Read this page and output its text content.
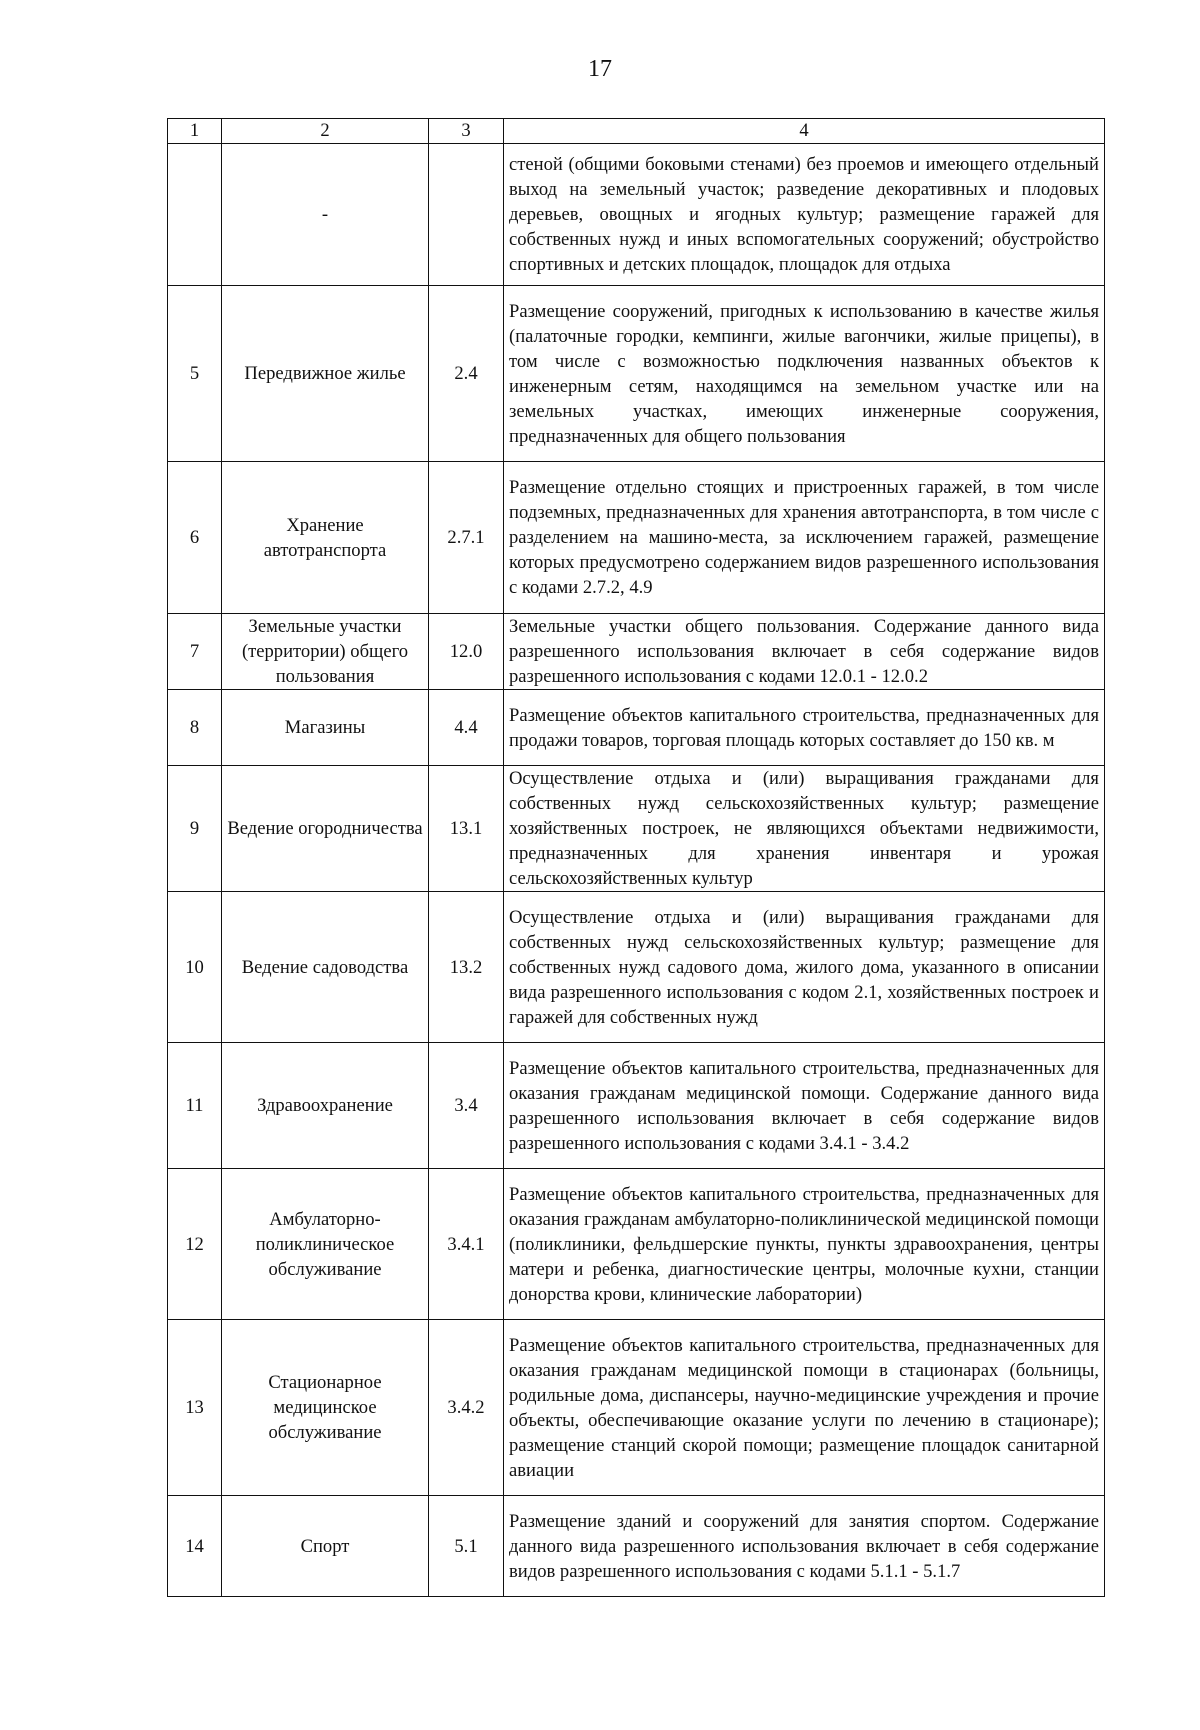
17
1	2	3	4
	-		стеной (общими боковыми стенами) без проемов и имеющего отдельный выход на земельный участок; разведение декоративных и плодовых деревьев, овощных и ягодных культур; размещение гаражей для собственных нужд и иных вспомогательных сооружений; обустройство спортивных и детских площадок, площадок для отдыха
5	Передвижное жилье	2.4	Размещение сооружений, пригодных к использованию в качестве жилья (палаточные городки, кемпинги, жилые вагончики, жилые прицепы), в том числе с возможностью подключения названных объектов к инженерным сетям, находящимся на земельном участке или на земельных участках, имеющих инженерные сооружения, предназначенных для общего пользования
6	Хранение автотранспорта	2.7.1	Размещение отдельно стоящих и пристроенных гаражей, в том числе подземных, предназначенных для хранения автотранспорта, в том числе с разделением на машино-места, за исключением гаражей, размещение которых предусмотрено содержанием видов разрешенного использования с кодами 2.7.2, 4.9
7	Земельные участки (территории) общего пользования	12.0	Земельные участки общего пользования. Содержание данного вида разрешенного использования включает в себя содержание видов разрешенного использования с кодами 12.0.1 - 12.0.2
8	Магазины	4.4	Размещение объектов капитального строительства, предназначенных для продажи товаров, торговая площадь которых составляет до 150 кв. м
9	Ведение огородничества	13.1	Осуществление отдыха и (или) выращивания гражданами для собственных нужд сельскохозяйственных культур; размещение хозяйственных построек, не являющихся объектами недвижимости, предназначенных для хранения инвентаря и урожая сельскохозяйственных культур
10	Ведение садоводства	13.2	Осуществление отдыха и (или) выращивания гражданами для собственных нужд сельскохозяйственных культур; размещение для собственных нужд садового дома, жилого дома, указанного в описании вида разрешенного использования с кодом 2.1, хозяйственных построек и гаражей для собственных нужд
11	Здравоохранение	3.4	Размещение объектов капитального строительства, предназначенных для оказания гражданам медицинской помощи. Содержание данного вида разрешенного использования включает в себя содержание видов разрешенного использования с кодами 3.4.1 - 3.4.2
12	Амбулаторно-поликлиническое обслуживание	3.4.1	Размещение объектов капитального строительства, предназначенных для оказания гражданам амбулаторно-поликлинической медицинской помощи (поликлиники, фельдшерские пункты, пункты здравоохранения, центры матери и ребенка, диагностические центры, молочные кухни, станции донорства крови, клинические лаборатории)
13	Стационарное медицинское обслуживание	3.4.2	Размещение объектов капитального строительства, предназначенных для оказания гражданам медицинской помощи в стационарах (больницы, родильные дома, диспансеры, научно-медицинские учреждения и прочие объекты, обеспечивающие оказание услуги по лечению в стационаре); размещение станций скорой помощи; размещение площадок санитарной авиации
14	Спорт	5.1	Размещение зданий и сооружений для занятия спортом. Содержание данного вида разрешенного использования включает в себя содержание видов разрешенного использования с кодами 5.1.1 - 5.1.7
